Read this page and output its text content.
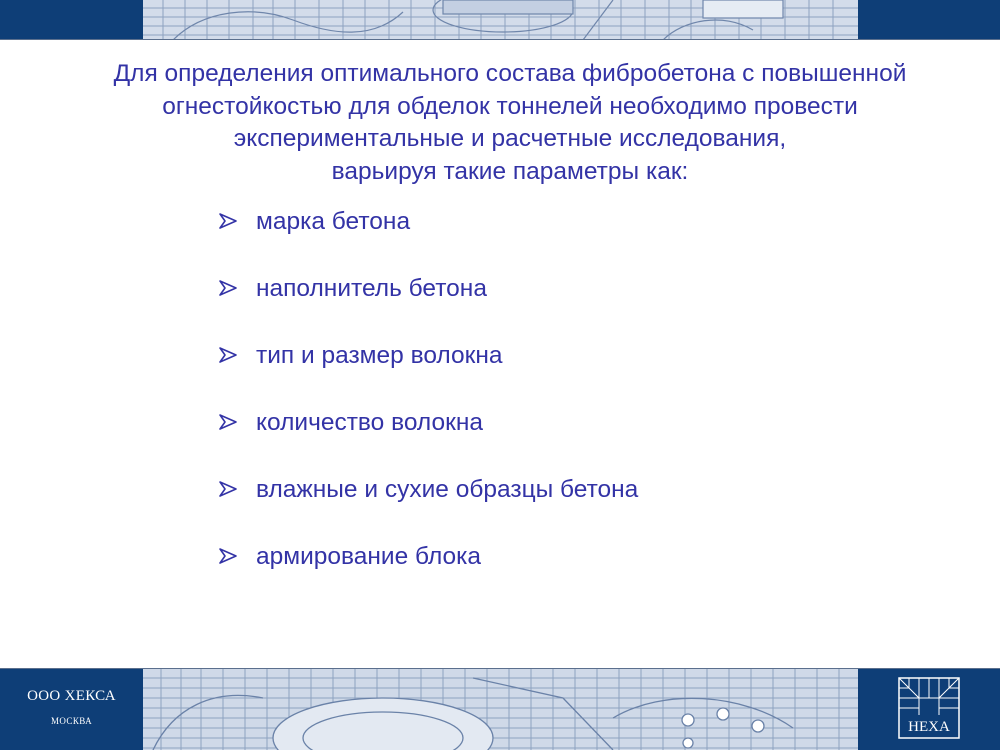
Для определения оптимального состава фибробетона с повышенной
огнестойкостью для обделок тоннелей необходимо провести
экспериментальные и расчетные исследования,
варьируя такие параметры как:
марка бетона
наполнитель бетона
тип и размер волокна
количество волокна
влажные и сухие образцы бетона
армирование блока
ООО ХЕКСА
МОСКВА	HEXA
